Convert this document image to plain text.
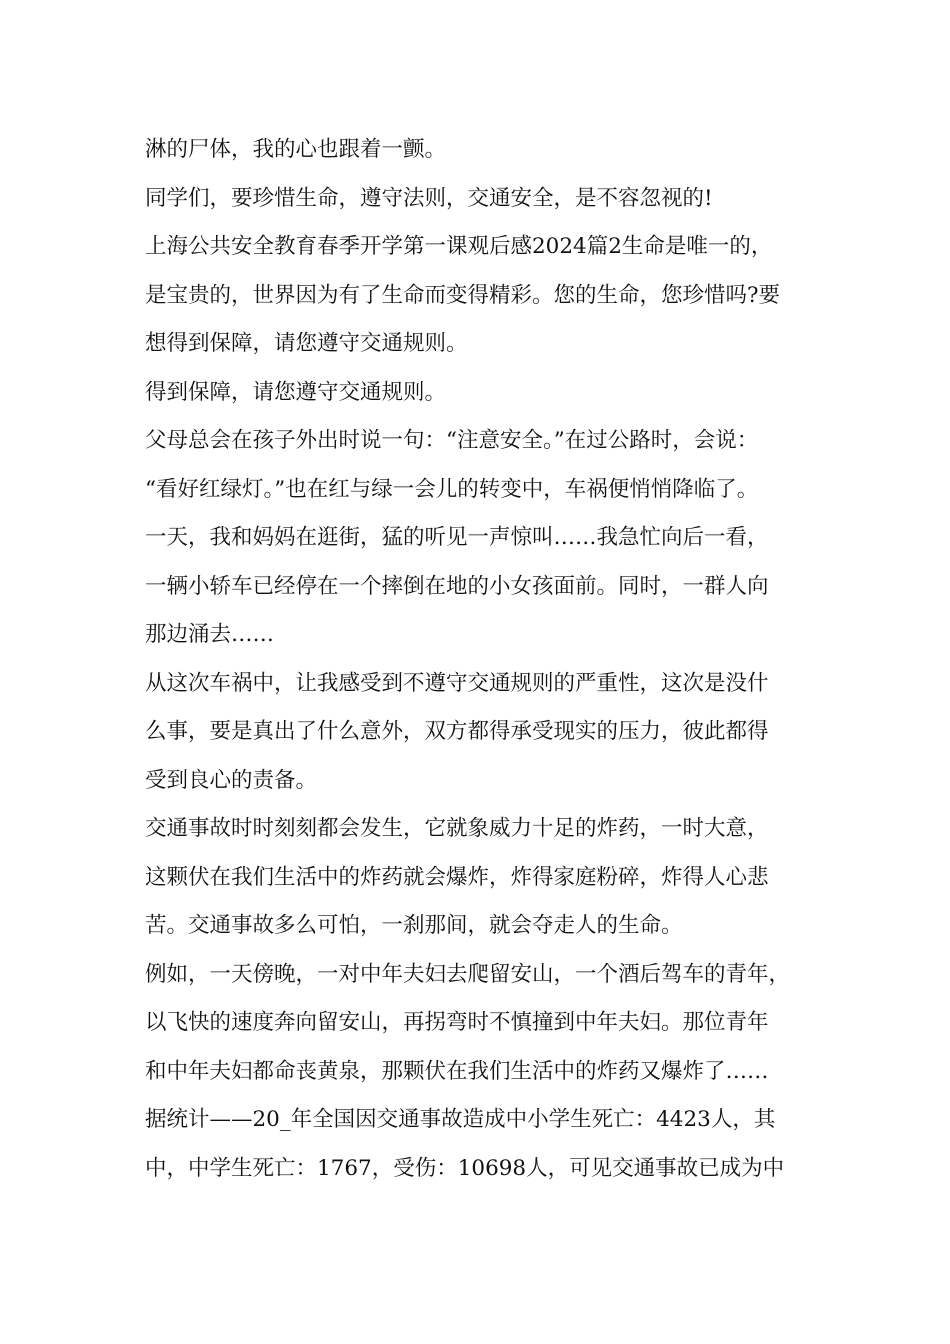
淋的尸体，我的心也跟着一颤。
同学们，要珍惜生命，遵守法则，交通安全，是不容忽视的!
上海公共安全教育春季开学第一课观后感2024篇2生命是唯一的，
是宝贵的，世界因为有了生命而变得精彩。您的生命，您珍惜吗?要
想得到保障，请您遵守交通规则。
得到保障，请您遵守交通规则。
父母总会在孩子外出时说一句：“注意安全。”在过公路时，会说：
“看好红绿灯。”也在红与绿一会儿的转变中，车祸便悄悄降临了。
一天，我和妈妈在逛街，猛的听见一声惊叫……我急忙向后一看，
一辆小轿车已经停在一个摔倒在地的小女孩面前。同时，一群人向
那边涌去……
从这次车祸中，让我感受到不遵守交通规则的严重性，这次是没什
么事，要是真出了什么意外，双方都得承受现实的压力，彼此都得
受到良心的责备。
交通事故时时刻刻都会发生，它就象威力十足的炸药，一时大意，
这颗伏在我们生活中的炸药就会爆炸，炸得家庭粉碎，炸得人心悲
苦。交通事故多么可怕，一刹那间，就会夺走人的生命。
例如，一天傍晚，一对中年夫妇去爬留安山，一个酒后驾车的青年，
以飞快的速度奔向留安山，再拐弯时不慎撞到中年夫妇。那位青年
和中年夫妇都命丧黄泉，那颗伏在我们生活中的炸药又爆炸了……
据统计——20_年全国因交通事故造成中小学生死亡：4423人，其
中，中学生死亡：1767，受伤：10698人，可见交通事故已成为中
